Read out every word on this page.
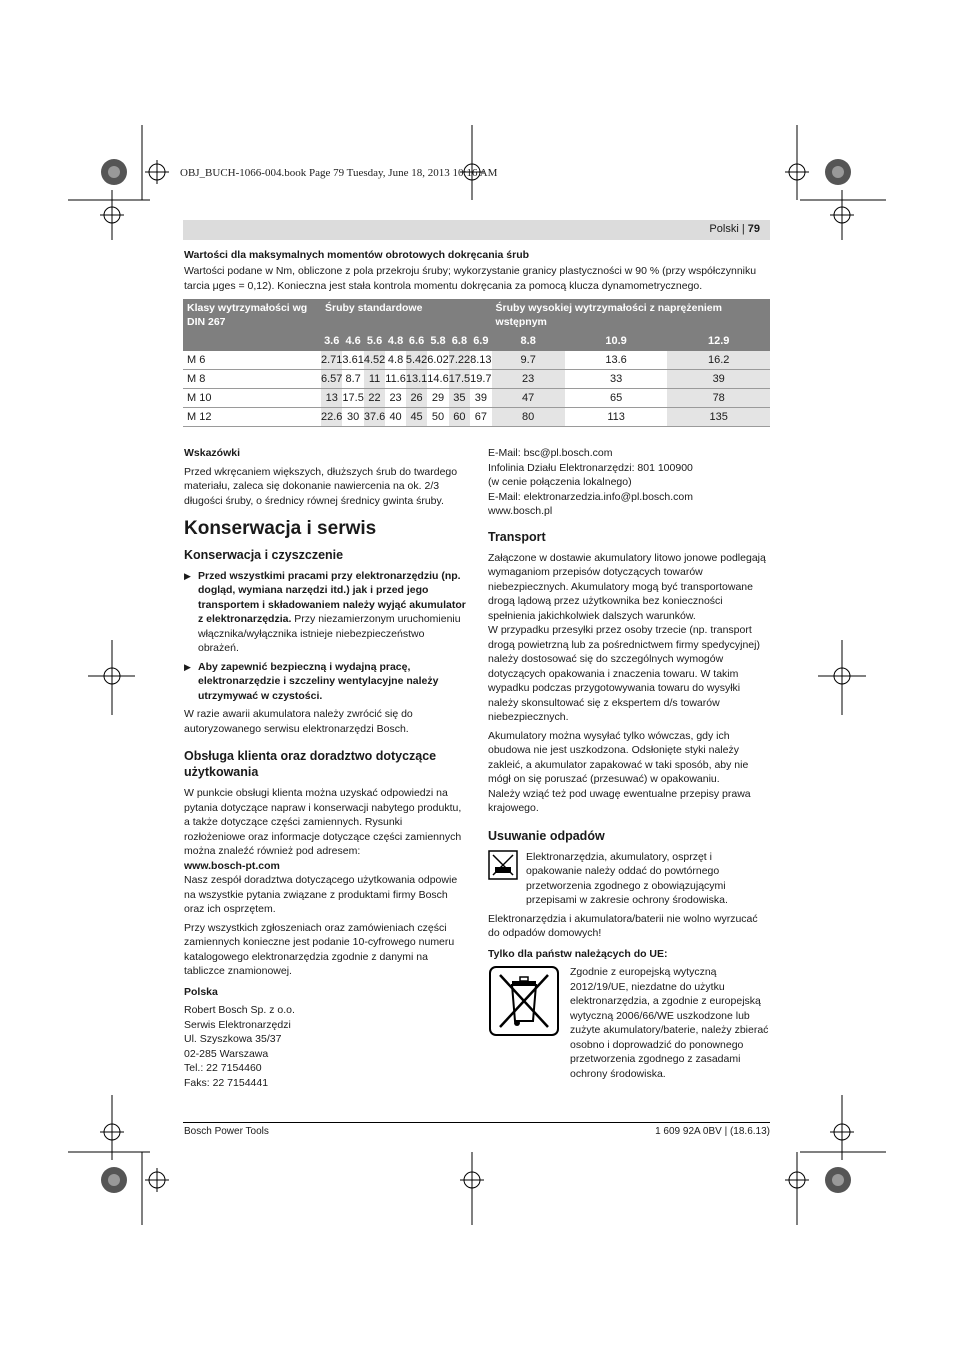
OBJ_BUCH-1066-004.book Page 79 Tuesday, June 18, 2013 10:16 AM
Polski | 79
Wartości dla maksymalnych momentów obrotowych dokręcania śrub
Wartości podane w Nm, obliczone z pola przekroju śruby; wykorzystanie granicy plastyczności w 90 % (przy współczynniku tarcia μges = 0,12). Konieczna jest stała kontrola momentu dokręcania za pomocą klucza dynamometrycznego.
Klasy wytrzymałości wg DIN 267	Śruby standardowe								Śruby wysokiej wytrzymałości z naprężeniem wstępnym		
	3.6	4.6	5.6	4.8	6.6	5.8	6.8	6.9	8.8	10.9	12.9
M 6	2.71	3.61	4.52	4.8	5.42	6.02	7.22	8.13	9.7	13.6	16.2
M 8	6.57	8.7	11	11.6	13.1	14.6	17.5	19.7	23	33	39
M 10	13	17.5	22	23	26	29	35	39	47	65	78
M 12	22.6	30	37.6	40	45	50	60	67	80	113	135

Wskazówki

Przed wkręcaniem większych, dłuższych śrub do twardego materiału, zaleca się dokonanie nawiercenia na ok. 2/3 długości śruby, o średnicy równej średnicy gwinta śruby.

Konserwacja i serwis

Konserwacja i czyszczenie

▶ Przed wszystkimi pracami przy elektronarzędziu (np. dogląd, wymiana narzędzi itd.) jak i przed jego transportem i składowaniem należy wyjąć akumulator z elektronarzędzia. Przy niezamierzonym uruchomieniu włącznika/wyłącznika istnieje niebezpieczeństwo obrażeń.
▶ Aby zapewnić bezpieczną i wydajną pracę, elektronarzędzie i szczeliny wentylacyjne należy utrzymywać w czystości.

W razie awarii akumulatora należy zwrócić się do autoryzowanego serwisu elektronarzędzi Bosch.

Obsługa klienta oraz doradztwo dotyczące użytkowania

W punkcie obsługi klienta można uzyskać odpowiedzi na pytania dotyczące napraw i konserwacji nabytego produktu, a także dotyczące części zamiennych. Rysunki rozłożeniowe oraz informacje dotyczące części zamiennych można znaleźć również pod adresem:

www.bosch-pt.com

Nasz zespół doradztwa dotyczącego użytkowania odpowie na wszystkie pytania związane z produktami firmy Bosch oraz ich osprzętem.

Przy wszystkich zgłoszeniach oraz zamówieniach części zamiennych konieczne jest podanie 10-cyfrowego numeru katalogowego elektronarzędzia zgodnie z danymi na tabliczce znamionowej.

Polska

Robert Bosch Sp. z o.o.
Serwis Elektronarzędzi
Ul. Szyszkowa 35/37
02-285 Warszawa
Tel.: 22 7154460
Faks: 22 7154441
E-Mail: bsc@pl.bosch.com
Infolinia Działu Elektronarzędzi: 801 100900
(w cenie połączenia lokalnego)
E-Mail: elektronarzedzia.info@pl.bosch.com
www.bosch.pl

Transport

Załączone w dostawie akumulatory litowo jonowe podlegają wymaganiom przepisów dotyczących towarów niebezpiecznych. Akumulatory mogą być transportowane drogą lądową przez użytkownika bez konieczności spełnienia jakichkolwiek dalszych warunków.

W przypadku przesyłki przez osoby trzecie (np. transport drogą powietrzną lub za pośrednictwem firmy spedycyjnej) należy dostosować się do szczególnych wymogów dotyczących opakowania i znaczenia towaru. W takim wypadku podczas przygotowywania towaru do wysyłki należy skonsultować się z ekspertem d/s towarów niebezpiecznych.

Akumulatory można wysyłać tylko wówczas, gdy ich obudowa nie jest uszkodzona. Odsłonięte styki należy zakleić, a akumulator zapakować w taki sposób, aby nie mógł on się poruszać (przesuwać) w opakowaniu.

Należy wziąć też pod uwagę ewentualne przepisy prawa krajowego.

Usuwanie odpadów

Elektronarzędzia, akumulatory, osprzęt i opakowanie należy oddać do powtórnego przetworzenia zgodnego z obowiązującymi przepisami w zakresie ochrony środowiska.

Elektronarzędzia i akumulatora/baterii nie wolno wyrzucać do odpadów domowych!

Tylko dla państw należących do UE:

Zgodnie z europejską wytyczną 2012/19/UE, niezdatne do użytku elektronarzędzia, a zgodnie z europejską wytyczną 2006/66/WE uszkodzone lub zużyte akumulatory/baterie, należy zbierać osobno i doprowadzić do ponownego przetworzenia zgodnego z zasadami ochrony środowiska.

Bosch Power Tools	1 609 92A 0BV | (18.6.13)
